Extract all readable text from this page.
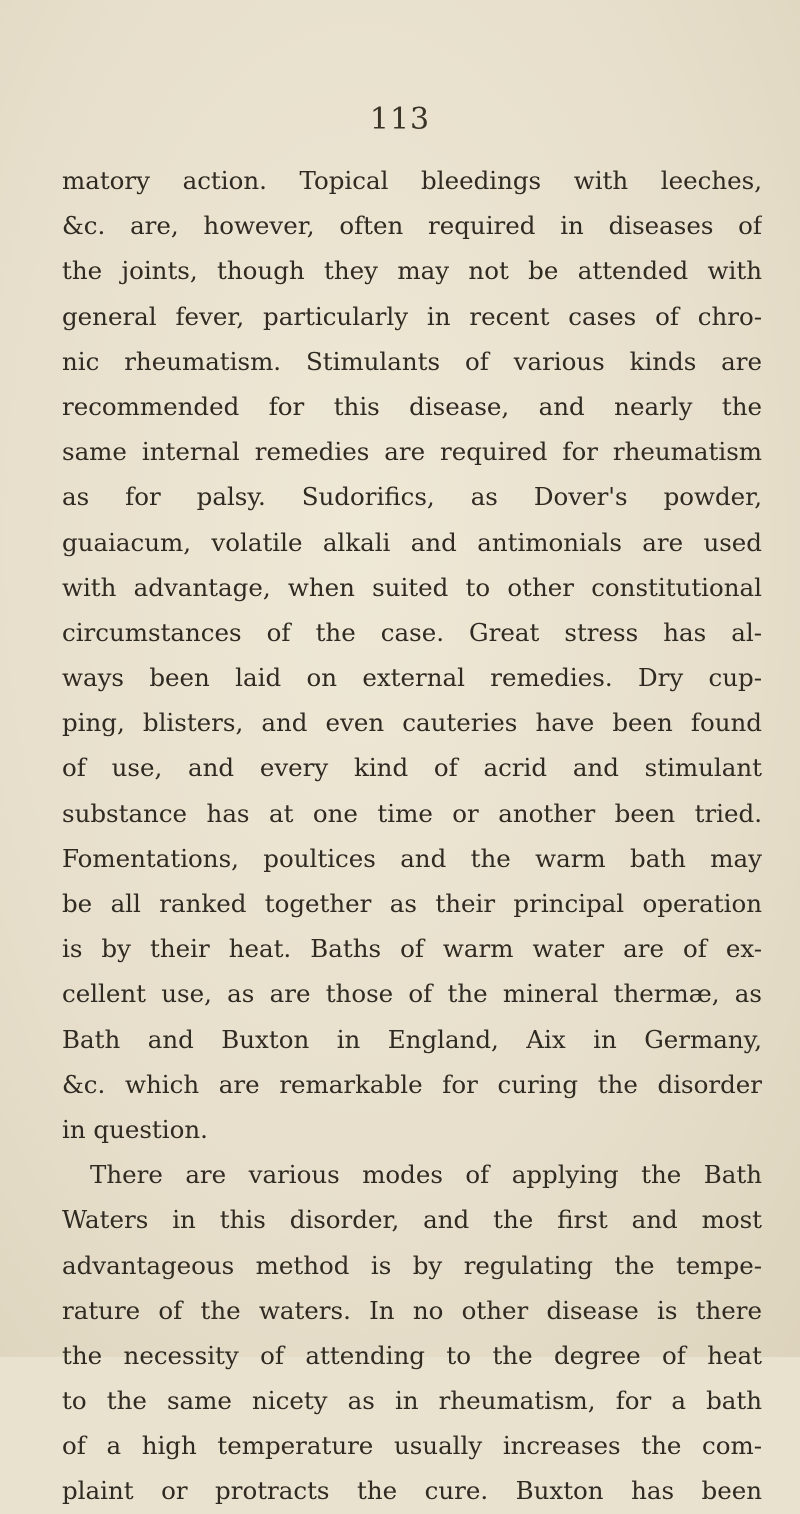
113
matory action. Topical bleedings with leeches,
&c. are, however, often required in diseases of
the joints, though they may not be attended with
general fever, particularly in recent cases of chro-
nic rheumatism. Stimulants of various kinds are
recommended for this disease, and nearly the
same internal remedies are required for rheumatism
as for palsy. Sudorifics, as Dover's powder,
guaiacum, volatile alkali and antimonials are used
with advantage, when suited to other constitutional
circumstances of the case. Great stress has al-
ways been laid on external remedies. Dry cup-
ping, blisters, and even cauteries have been found
of use, and every kind of acrid and stimulant
substance has at one time or another been tried.
Fomentations, poultices and the warm bath may
be all ranked together as their principal operation
is by their heat. Baths of warm water are of ex-
cellent use, as are those of the mineral thermæ, as
Bath and Buxton in England, Aix in Germany,
&c. which are remarkable for curing the disorder
in question.
There are various modes of applying the Bath
Waters in this disorder, and the first and most
advantageous method is by regulating the tempe-
rature of the waters. In no other disease is there
the necessity of attending to the degree of heat
to the same nicety as in rheumatism, for a bath
of a high temperature usually increases the com-
plaint or protracts the cure. Buxton has been
